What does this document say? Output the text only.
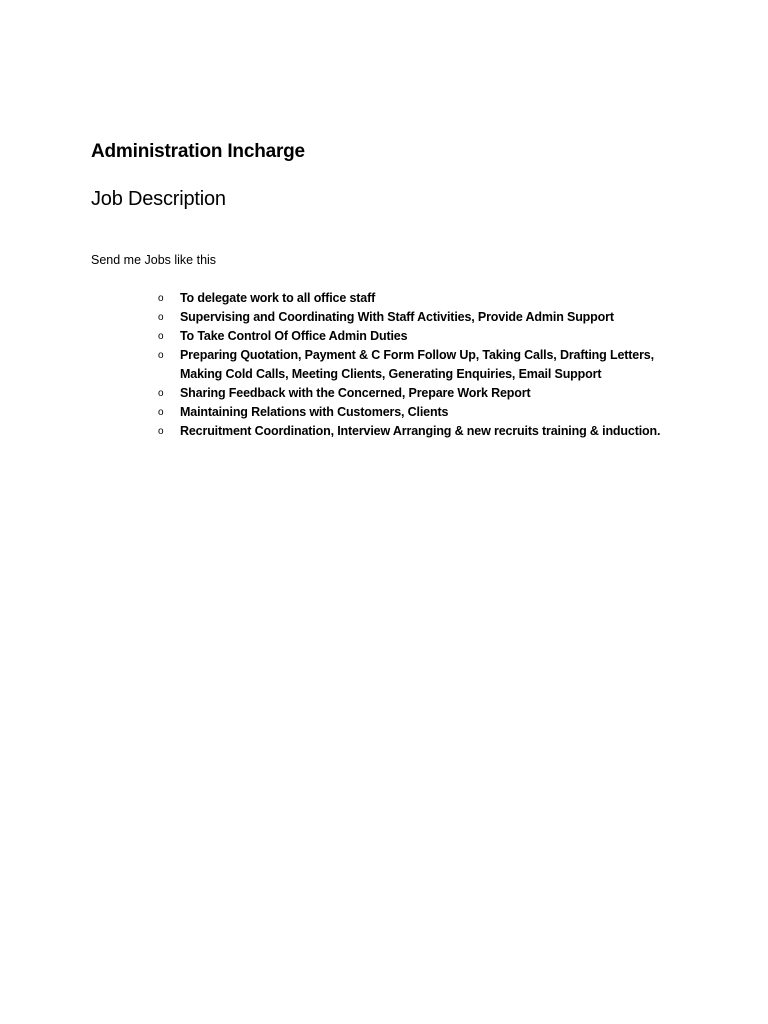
Administration Incharge
Job Description
Send me Jobs like this
o To delegate work to all office staff
o Supervising and Coordinating With Staff Activities, Provide Admin Support
o To Take Control Of Office Admin Duties
o Preparing Quotation, Payment & C Form Follow Up, Taking Calls, Drafting Letters, Making Cold Calls, Meeting Clients, Generating Enquiries, Email Support
o Sharing Feedback with the Concerned, Prepare Work Report
o Maintaining Relations with Customers, Clients
o Recruitment Coordination, Interview Arranging & new recruits training & induction.
